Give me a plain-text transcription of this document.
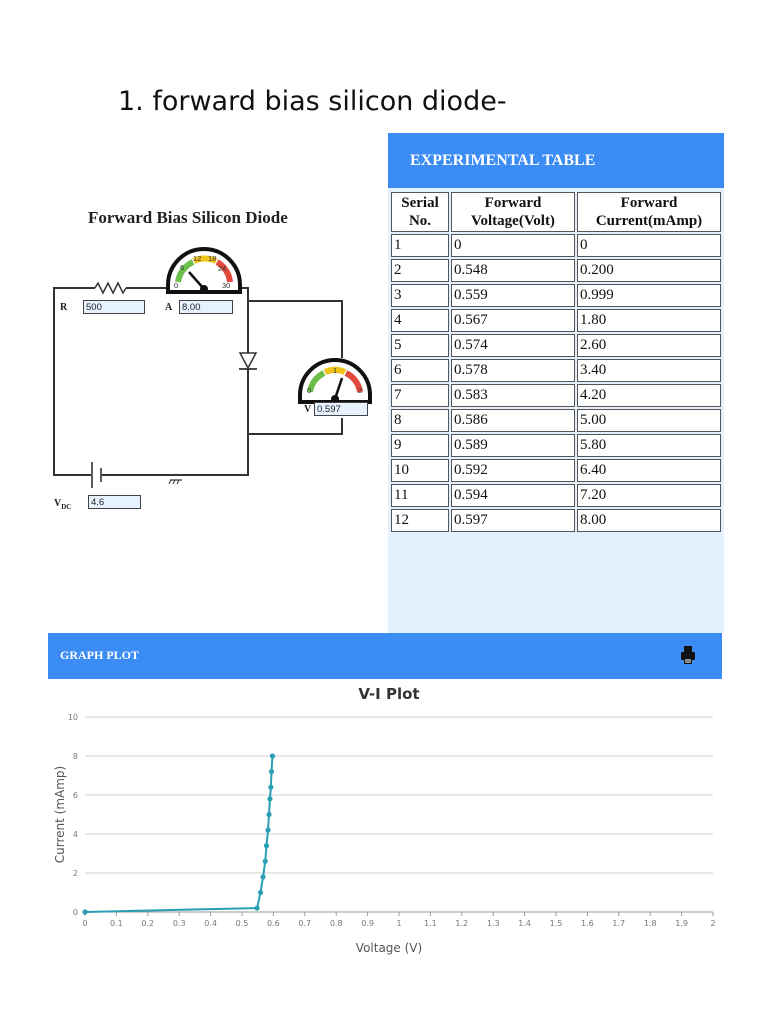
1. forward bias silicon diode-
Forward Bias Silicon Diode
0
6
12 18
24
30
0
1
2
R	500	A	8.00
V 0.597
$V_{DC}$	4.6
EXPERIMENTAL TABLE
Serial No.	Forward Voltage(Volt)	Forward Current(mAmp)
1	0	0
2	0.548	0.200
3	0.559	0.999
4	0.567	1.80
5	0.574	2.60
6	0.578	3.40
7	0.583	4.20
8	0.586	5.00
9	0.589	5.80
10	0.592	6.40
11	0.594	7.20
12	0.597	8.00
GRAPH PLOT
V-I Plot
0
2
4
6
8
10
0	0.1 0.2 0.3 0.4 0.5 0.6 0.7 0.8 0.9	1	1.1 1.2 1.3 1.4 1.5 1.6 1.7 1.8 1.9	2
Voltage (V)
Current (mAmp)
